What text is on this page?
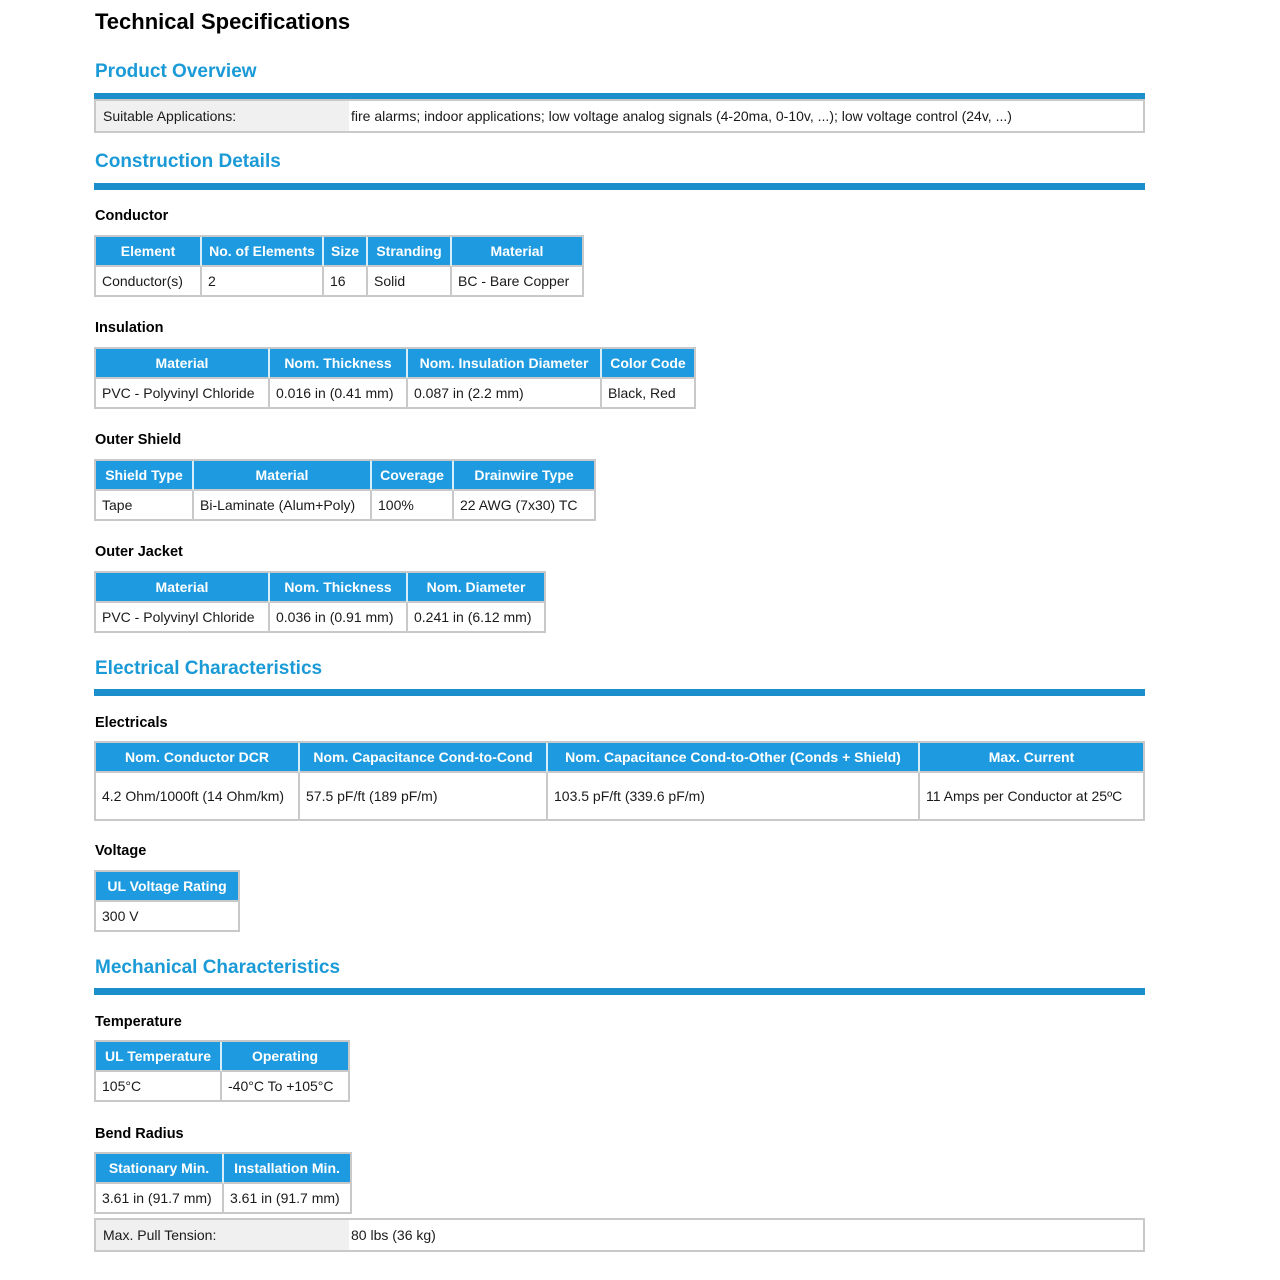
Technical Specifications
Product Overview
Suitable Applications:	fire alarms; indoor applications; low voltage analog signals (4-20ma, 0-10v, ...); low voltage control (24v, ...)
Construction Details
Conductor
Element	No. of Elements	Size	Stranding	Material
Conductor(s)	2	16	Solid	BC - Bare Copper
Insulation
Material	Nom. Thickness	Nom. Insulation Diameter	Color Code
PVC - Polyvinyl Chloride	0.016 in (0.41 mm)	0.087 in (2.2 mm)	Black, Red
Outer Shield
Shield Type	Material	Coverage	Drainwire Type
Tape	Bi-Laminate (Alum+Poly)	100%	22 AWG (7x30) TC
Outer Jacket
Material	Nom. Thickness	Nom. Diameter
PVC - Polyvinyl Chloride	0.036 in (0.91 mm)	0.241 in (6.12 mm)
Electrical Characteristics
Electricals
Nom. Conductor DCR	Nom. Capacitance Cond-to-Cond	Nom. Capacitance Cond-to-Other (Conds + Shield)	Max. Current
4.2 Ohm/1000ft (14 Ohm/km)	57.5 pF/ft (189 pF/m)	103.5 pF/ft (339.6 pF/m)	11 Amps per Conductor at 25ºC
Voltage
UL Voltage Rating
300 V
Mechanical Characteristics
Temperature
UL Temperature	Operating
105°C	-40°C To +105°C
Bend Radius
Stationary Min.	Installation Min.
3.61 in (91.7 mm)	3.61 in (91.7 mm)
Max. Pull Tension:	80 lbs (36 kg)
